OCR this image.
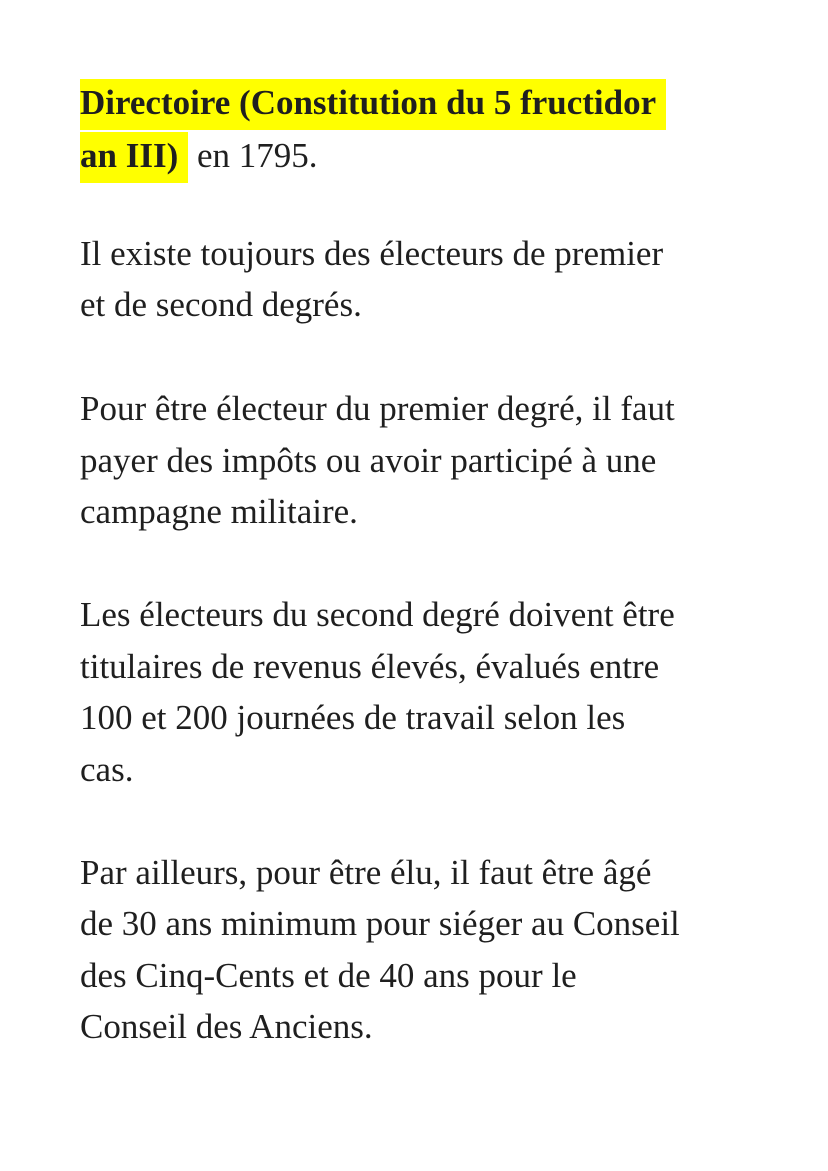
Directoire (Constitution du 5 fructidor
an III) en 1795.
Il existe toujours des électeurs de premier
et de second degrés.
Pour être électeur du premier degré, il faut
payer des impôts ou avoir participé à une
campagne militaire.
Les électeurs du second degré doivent être
titulaires de revenus élevés, évalués entre
100 et 200 journées de travail selon les
cas.
Par ailleurs, pour être élu, il faut être âgé
de 30 ans minimum pour siéger au Conseil
des Cinq-Cents et de 40 ans pour le
Conseil des Anciens.
